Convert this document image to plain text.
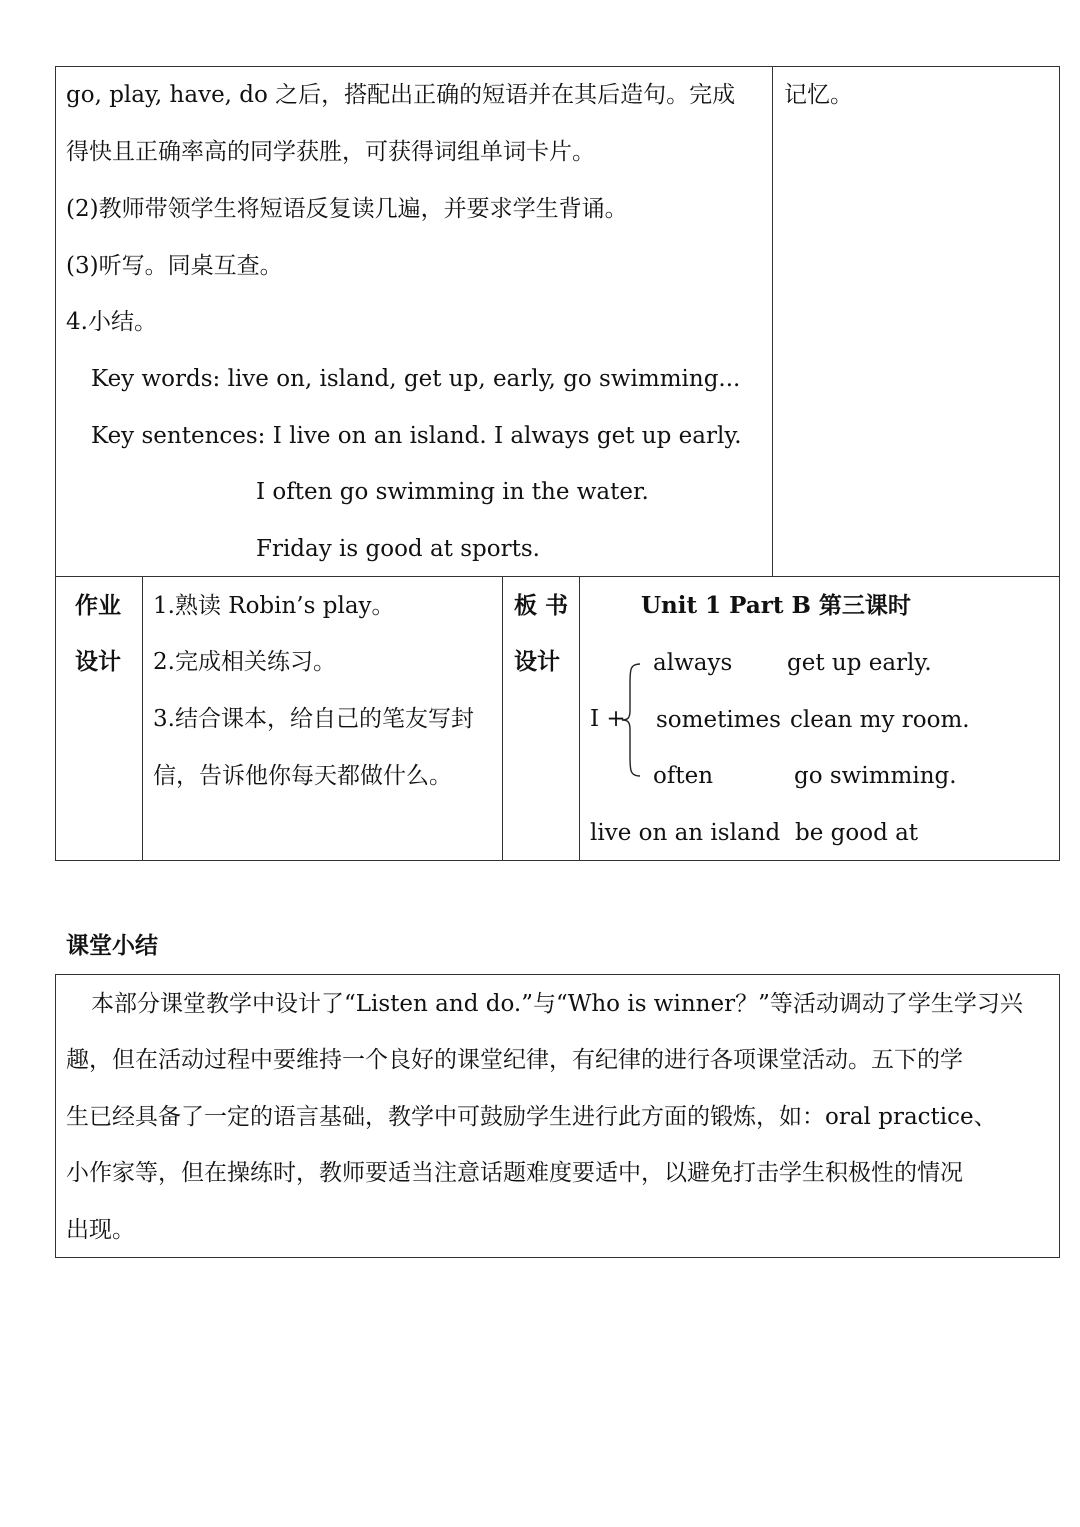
go, play, have, do 之后，搭配出正确的短语并在其后造句。完成
得快且正确率高的同学获胜，可获得词组单词卡片。
(2)教师带领学生将短语反复读几遍，并要求学生背诵。
(3)听写。同桌互查。
4.小结。
Key words: live on, island, get up, early, go swimming...
Key sentences: I live on an island. I always get up early.
I often go swimming in the water.
Friday is good at sports.
记忆。
作业
设计
1.熟读 Robin’s play。
2.完成相关练习。
3.结合课本，给自己的笔友写封
信，告诉他你每天都做什么。
板 书
设计
Unit 1 Part B 第三课时
I +
always
sometimes
often
get up early.
clean my room.
go swimming.
live on an island be good at
课堂小结
本部分课堂教学中设计了“Listen and do.”与“Who is winner？”等活动调动了学生学习兴
趣，但在活动过程中要维持一个良好的课堂纪律，有纪律的进行各项课堂活动。五下的学
生已经具备了一定的语言基础，教学中可鼓励学生进行此方面的锻炼，如：oral practice、
小作家等，但在操练时，教师要适当注意话题难度要适中，以避免打击学生积极性的情况
出现。
